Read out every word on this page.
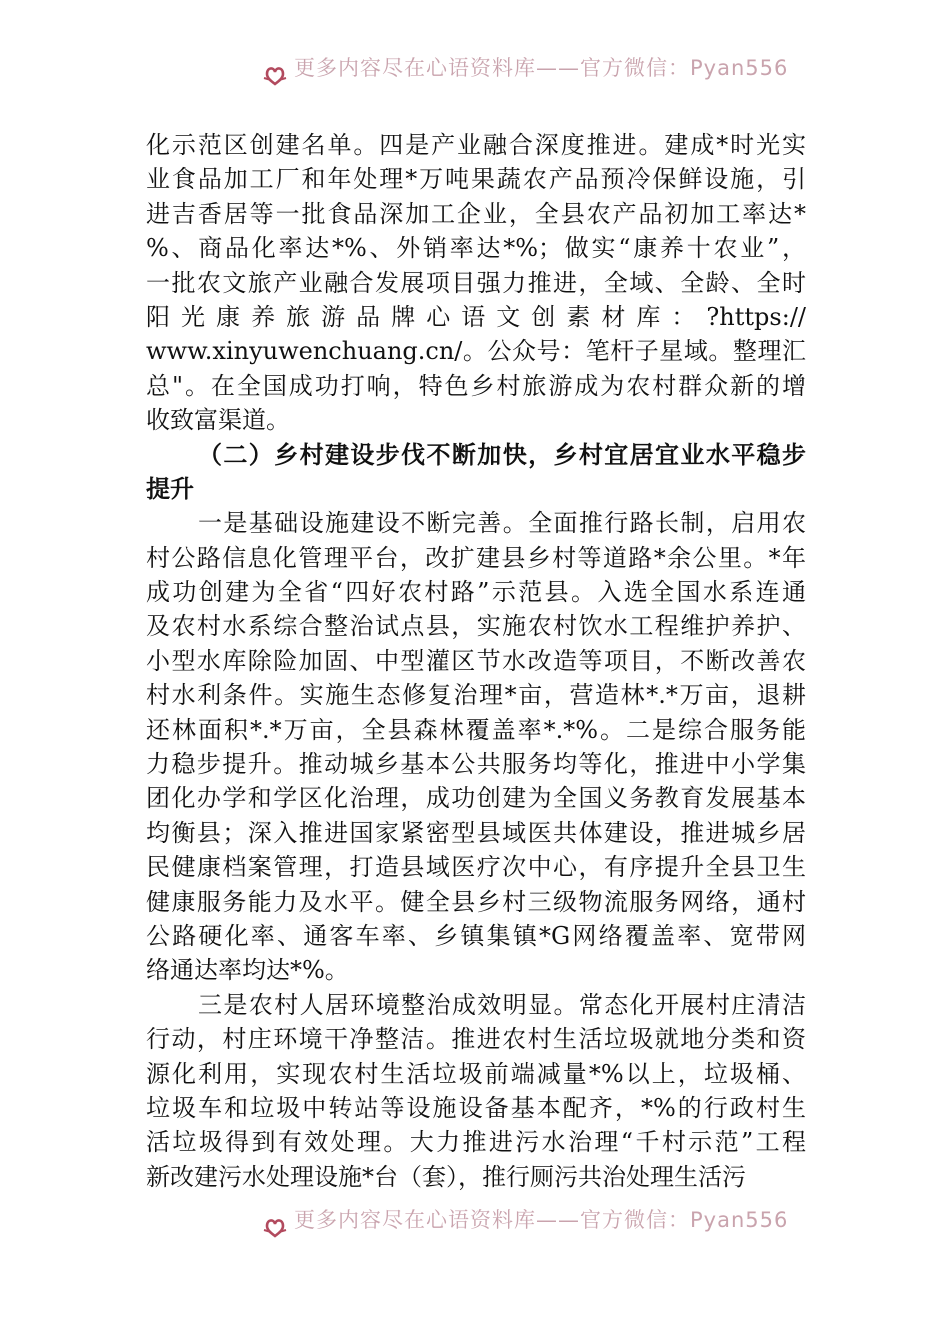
更多内容尽在心语资料库——官方微信：Pyan556
化示范区创建名单。四是产业融合深度推进。建成*时光实
业食品加工厂和年处理*万吨果蔬农产品预冷保鲜设施，引
进吉香居等一批食品深加工企业，全县农产品初加工率达*
%、商品化率达*%、外销率达*%；做实“康养十农业”，
一批农文旅产业融合发展项目强力推进，全域、全龄、全时
阳光康养旅游品牌心语文创素材库：?https://
www.xinyuwenchuang.cn/。公众号：笔杆子星域。整理汇
总"。在全国成功打响，特色乡村旅游成为农村群众新的增
收致富渠道。
（二）乡村建设步伐不断加快，乡村宜居宜业水平稳步
提升
一是基础设施建设不断完善。全面推行路长制，启用农
村公路信息化管理平台，改扩建县乡村等道路*余公里。*年
成功创建为全省“四好农村路”示范县。入选全国水系连通
及农村水系综合整治试点县，实施农村饮水工程维护养护、
小型水库除险加固、中型灌区节水改造等项目，不断改善农
村水利条件。实施生态修复治理*亩，营造林*.*万亩，退耕
还林面积*.*万亩，全县森林覆盖率*.*%。二是综合服务能
力稳步提升。推动城乡基本公共服务均等化，推进中小学集
团化办学和学区化治理，成功创建为全国义务教育发展基本
均衡县；深入推进国家紧密型县域医共体建设，推进城乡居
民健康档案管理，打造县域医疗次中心，有序提升全县卫生
健康服务能力及水平。健全县乡村三级物流服务网络，通村
公路硬化率、通客车率、乡镇集镇*G网络覆盖率、宽带网
络通达率均达*%。
三是农村人居环境整治成效明显。常态化开展村庄清洁
行动，村庄环境干净整洁。推进农村生活垃圾就地分类和资
源化利用，实现农村生活垃圾前端减量*%以上，垃圾桶、
垃圾车和垃圾中转站等设施设备基本配齐，*%的行政村生
活垃圾得到有效处理。大力推进污水治理“千村示范”工程
新改建污水处理设施*台（套），推行厕污共治处理生活污
更多内容尽在心语资料库——官方微信：Pyan556
